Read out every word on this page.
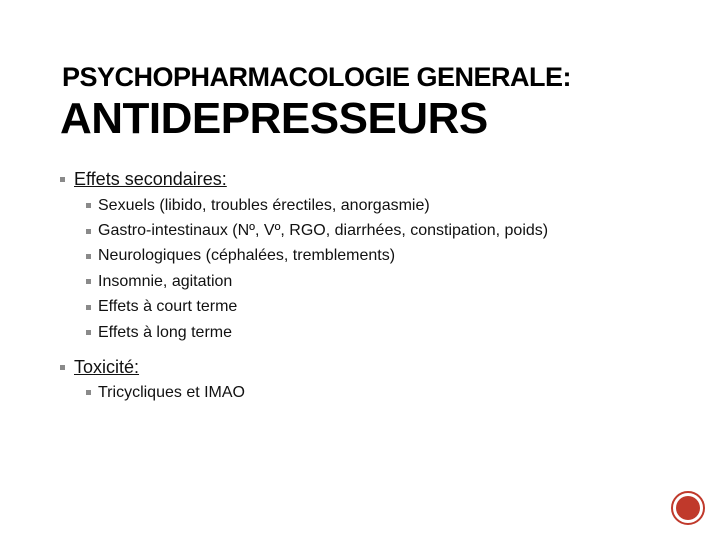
PSYCHOPHARMACOLOGIE GENERALE:
ANTIDEPRESSEURS
Effets secondaires:
Sexuels (libido, troubles érectiles, anorgasmie)
Gastro-intestinaux (Nº, Vº, RGO, diarrhées, constipation, poids)
Neurologiques (céphalées, tremblements)
Insomnie, agitation
Effets à court terme
Effets à long terme
Toxicité:
Tricycliques et IMAO
